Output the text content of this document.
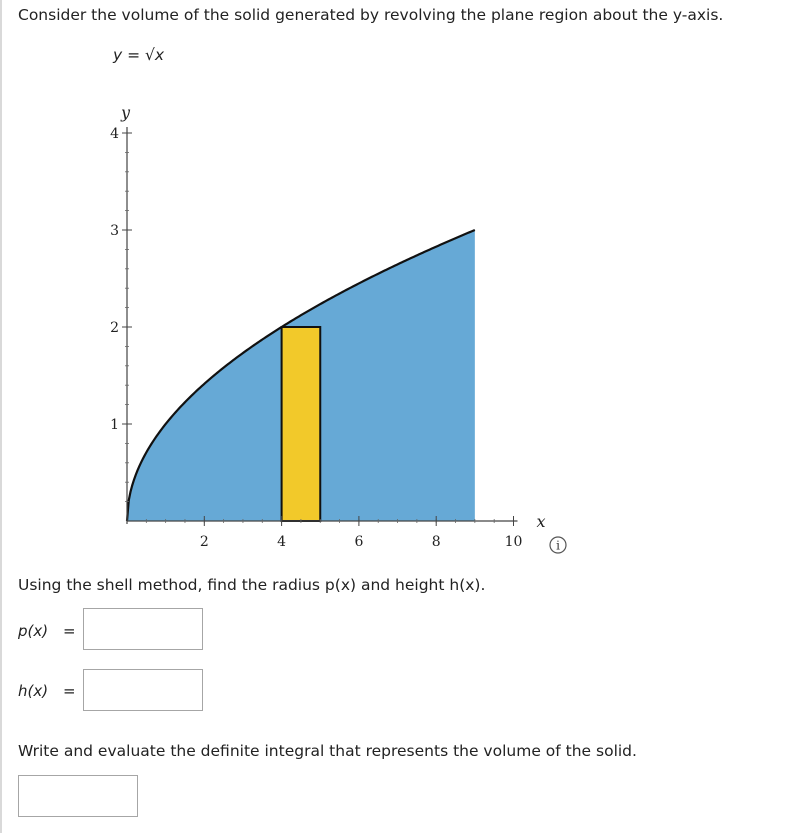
Consider the volume of the solid generated by revolving the plane region about the y-axis.
y = √x
2	4	6	8	10
1
2
3
4
x
y
i
Using the shell method, find the radius p(x) and height h(x).
p(x) =
h(x) =
Write and evaluate the definite integral that represents the volume of the solid.
